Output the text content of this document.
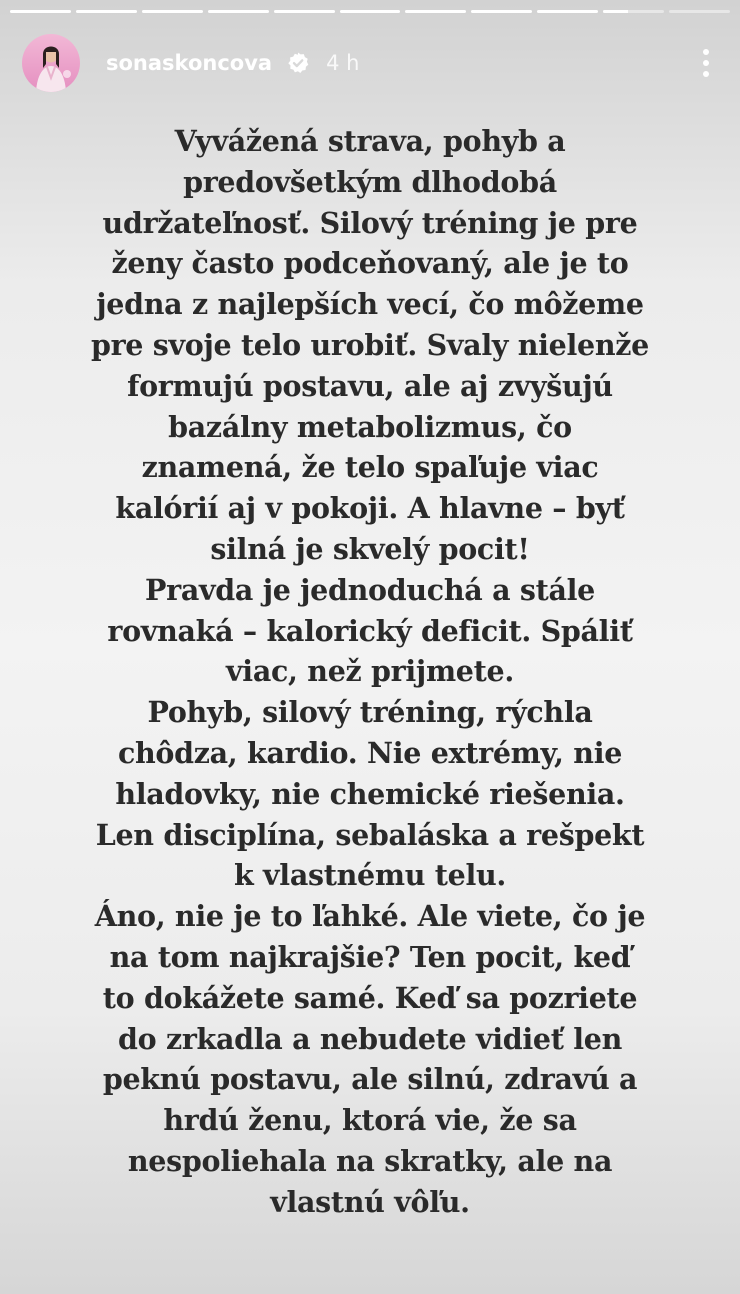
sonaskoncova	4 h

Vyvážená strava, pohyb a
predovšetkým dlhodobá
udržateľnosť. Silový tréning je pre
ženy často podceňovaný, ale je to
jedna z najlepších vecí, čo môžeme
pre svoje telo urobiť. Svaly nielenže
formujú postavu, ale aj zvyšujú
bazálny metabolizmus, čo
znamená, že telo spaľuje viac
kalórií aj v pokoji. A hlavne – byť
silná je skvelý pocit!
Pravda je jednoduchá a stále
rovnaká – kalorický deficit. Spáliť
viac, než prijmete.
Pohyb, silový tréning, rýchla
chôdza, kardio. Nie extrémy, nie
hladovky, nie chemické riešenia.
Len disciplína, sebaláska a rešpekt
k vlastnému telu.
Áno, nie je to ľahké. Ale viete, čo je
na tom najkrajšie? Ten pocit, keď
to dokážete samé. Keď sa pozriete
do zrkadla a nebudete vidieť len
peknú postavu, ale silnú, zdravú a
hrdú ženu, ktorá vie, že sa
nespoliehala na skratky, ale na
vlastnú vôľu.
